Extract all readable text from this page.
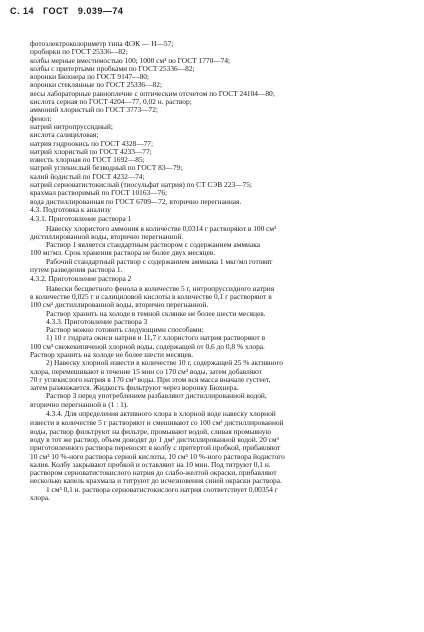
С. 14 ГОСТ 9.039—74

фотоэлектроколориметр типа ФЭК — Н—57;

пробирки по ГОСТ 25336—82;

колбы мерные вместимостью 100; 1000 см³ по ГОСТ 1770—74;

колбы с притертыми пробками по ГОСТ 25336—82;

воронки Бюхнера по ГОСТ 9147—80;

воронки стеклянные по ГОСТ 25336—82;

весы лабораторные равноплечие с оптическим отсчетом по ГОСТ 24104—80;

кислота серная по ГОСТ 4204—77, 0,02 н. раствор;

аммоний хлористый по ГОСТ 3773—72;

фенол;

натрий нитропруссидный;

кислота салициловая;

натрия гидроокись по ГОСТ 4328—77;

натрий хлористый по ГОСТ 4233—77;

известь хлорная по ГОСТ 1692—85;

натрий углекислый безводный по ГОСТ 83—79;

калий йодистый по ГОСТ 4232—74;

натрий серноватистокислый (тиосульфат натрия) по СТ СЭВ 223—75;

крахмал растворимый по ГОСТ 10163—76;

вода дистиллированная по ГОСТ 6709—72, вторично перегнанная.

4.3. Подготовка к анализу

4.3.1. Приготовление раствора 1

Навеску хлористого аммония в количестве 0,0314 г растворяют в 100 см³

дистиллированной воды, вторично перегнанной.

Раствор 1 является стандартным раствором с содержанием аммиака

100 мг/мл. Срок хранения раствора не более двух месяцев.

Рабочий стандартный раствор с содержанием аммиака 1 мкг/мл готовят

путем разведения раствора 1.

4.3.2. Приготовление раствора 2

Навески бесцветного фенола в количестве 5 г, нитропруссидного натрия

в количестве 0,025 г и салициловой кислоты в количестве 0,1 г растворяют в

100 см³ дистиллированной воды, вторично перегнанной.

Раствор хранить на холоде в темной склянке не более шести месяцев.

4.3.3. Приготовление раствора 3

Раствор можно готовить следующими способами:

1) 10 г гидрата окиси натрия и 11,7 г хлористого натрия растворяют в

100 см³ свежекипяченой хлорной воды, содержащей от 0,6 до 0,8 % хлора.

Раствор хранить на холоде не более шести месяцев.

2) Навеску хлорной извести в количестве 10 г, содержащей 25 % активного

хлора, перемешивают в течение 15 мин со 170 см³ воды, затем добавляют

70 г углекислого натрия в 170 см³ воды. При этом вся масса вначале густеет,

затем разжижается. Жидкость фильтруют через воронку Бюхнера.

Раствор 3 перед употреблением разбавляют дистиллированной водой,

вторично перегнанной в (1 : 1).

4.3.4. Для определения активного хлора в хлорной воде навеску хлорной

извести в количестве 5 г растворяют и смешивают со 100 см³ дистиллированной

воды, раствор фильтруют на фильтре, промывают водой, сливая промывную

воду в тот же раствор, объем доводят до 1 дм³ дистиллированной водой. 20 см³

приготовленного раствора переносят в колбу с притертой пробкой, прибавляют

10 см³ 10 %-ного раствора серной кислоты, 10 см³ 10 %-ного раствора йодистого

калия. Колбу закрывают пробкой и оставляют на 10 мин. Под титруют 0,1 н.

раствором серноватистокислого натрия до слабо-желтой окраски, прибавляют

несколько капель крахмала и титруют до исчезновения синей окраски раствора.

1 см³ 0,1 н. раствора серноватистокислого натрия соответствует 0,00354 г

хлора.
